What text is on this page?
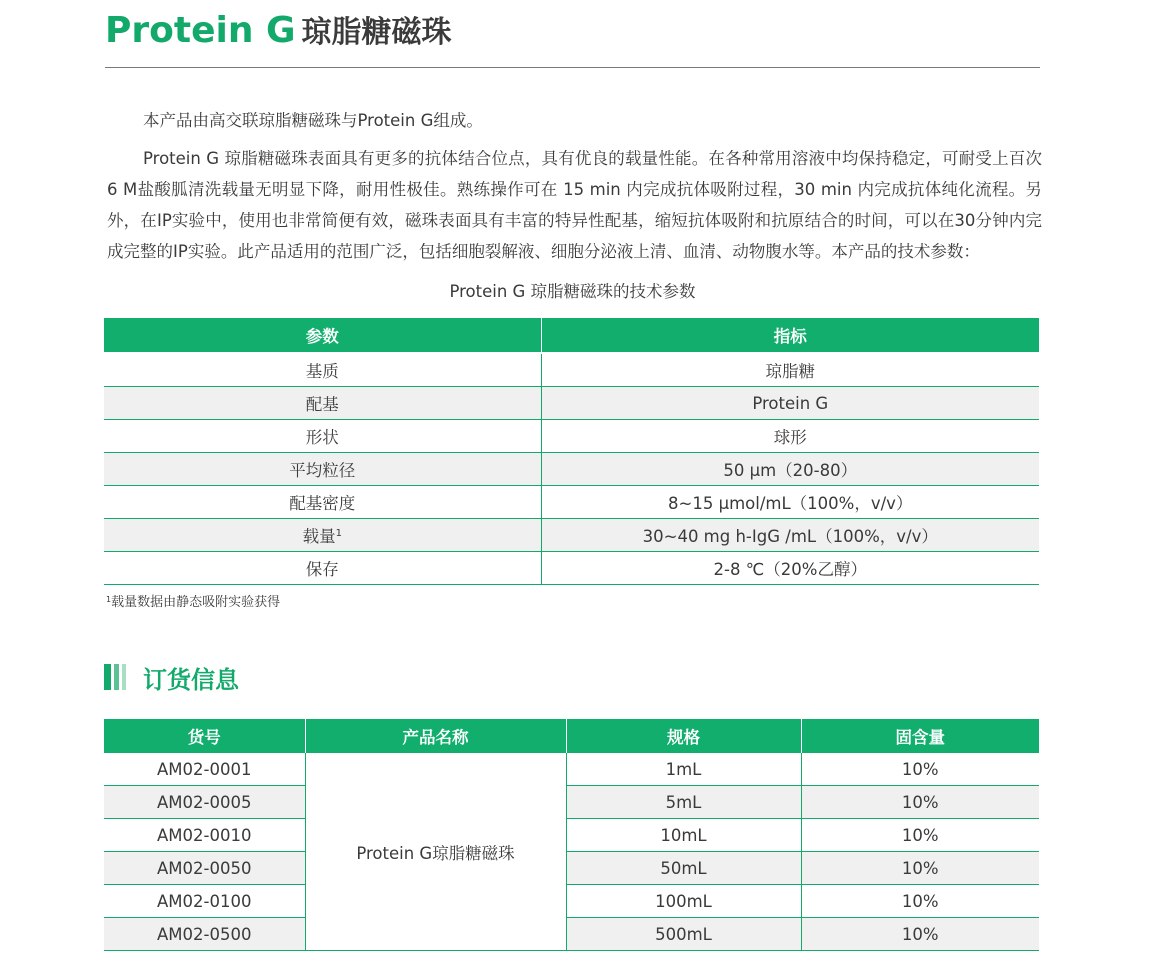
Protein G 琼脂糖磁珠

本产品由高交联琼脂糖磁珠与Protein G组成。

Protein G 琼脂糖磁珠表面具有更多的抗体结合位点，具有优良的载量性能。在各种常用溶液中均保持稳定，可耐受上百次6 M盐酸胍清洗载量无明显下降，耐用性极佳。熟练操作可在 15 min 内完成抗体吸附过程，30 min 内完成抗体纯化流程。另外，在IP实验中，使用也非常简便有效，磁珠表面具有丰富的特异性配基，缩短抗体吸附和抗原结合的时间，可以在30分钟内完成完整的IP实验。此产品适用的范围广泛，包括细胞裂解液、细胞分泌液上清、血清、动物腹水等。本产品的技术参数：

Protein G 琼脂糖磁珠的技术参数
参数	指标
基质	琼脂糖
配基	Protein G
形状	球形
平均粒径	50 μm（20-80）
配基密度	8~15 μmol/mL（100%，v/v）
载量$^1$	30~40 mg h-IgG /mL（100%，v/v）
保存	2-8 ℃（20%乙醇）
$^1$载量数据由静态吸附实验获得
订货信息
货号	产品名称	规格	固含量
AM02-0001	Protein G琼脂糖磁珠	1mL	10%
AM02-0005		5mL	10%
AM02-0010		10mL	10%
AM02-0050		50mL	10%
AM02-0100		100mL	10%
AM02-0500		500mL	10%
